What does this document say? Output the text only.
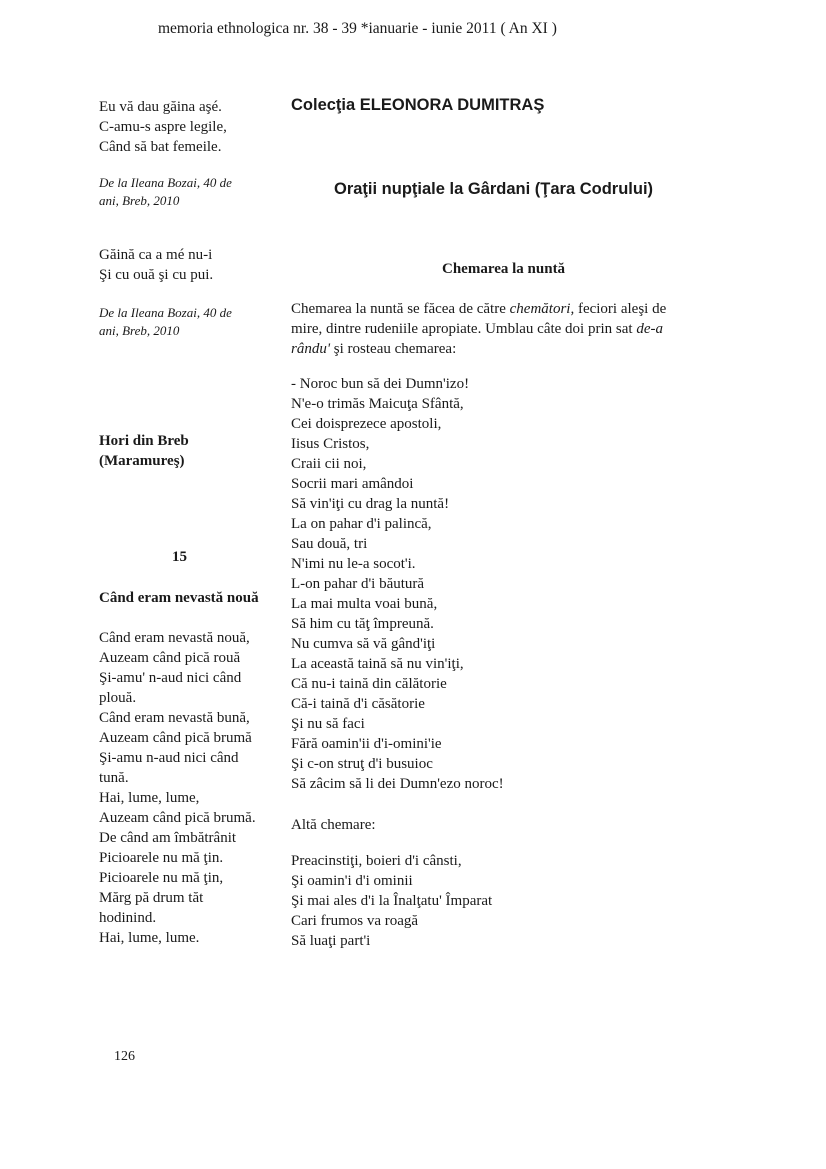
memoria ethnologica nr. 38 - 39 *ianuarie - iunie 2011 ( An XI )
Eu vă dau găina aşé.
C-amu-s aspre legile,
Când să bat femeile.
De la Ileana Bozai, 40 de
ani, Breb, 2010
Găină ca a mé nu-i
Şi cu ouă şi cu pui.
De la Ileana Bozai, 40 de
ani, Breb, 2010
Hori din Breb
(Maramureş)
15
Când eram nevastă nouă
Când eram nevastă nouă,
Auzeam când pică rouă
Şi-amu' n-aud nici când
plouă.
Când eram nevastă bună,
Auzeam când pică brumă
Şi-amu n-aud nici când
tună.
Hai, lume, lume,
Auzeam când pică brumă.
De când am îmbătrânit
Picioarele nu mă ţin.
Picioarele nu mă ţin,
Mărg pă drum tăt
hodinind.
Hai, lume, lume.
Colecţia ELEONORA DUMITRAŞ
Oraţii nupţiale la Gârdani (Ţara Codrului)
Chemarea la nuntă
Chemarea la nuntă se făcea de către chemători, feciori aleşi de
mire, dintre rudeniile apropiate. Umblau câte doi prin sat de-a
rându' şi rosteau chemarea:
- Noroc bun să dei Dumn'izo!
N'e-o trimăs Maicuţa Sfântă,
Cei doisprezece apostoli,
Iisus Cristos,
Craii cii noi,
Socrii mari amândoi
Să vin'iţi cu drag la nuntă!
La on pahar d'i palincă,
Sau două, tri
N'imi nu le-a socot'i.
L-on pahar d'i băutură
La mai multa voai bună,
Să him cu tăţ împreună.
Nu cumva să vă gând'iţi
La această taină să nu vin'iţi,
Că nu-i taină din călătorie
Că-i taină d'i căsătorie
Şi nu să faci
Fără oamin'ii d'i-omini'ie
Şi c-on struţ d'i busuioc
Să zâcim să li dei Dumn'ezo noroc!
Altă chemare:
Preacinstiţi, boieri d'i cânsti,
Şi oamin'i d'i ominii
Şi mai ales d'i la Înalţatu' Împarat
Cari frumos va roagă
Să luaţi part'i
126
